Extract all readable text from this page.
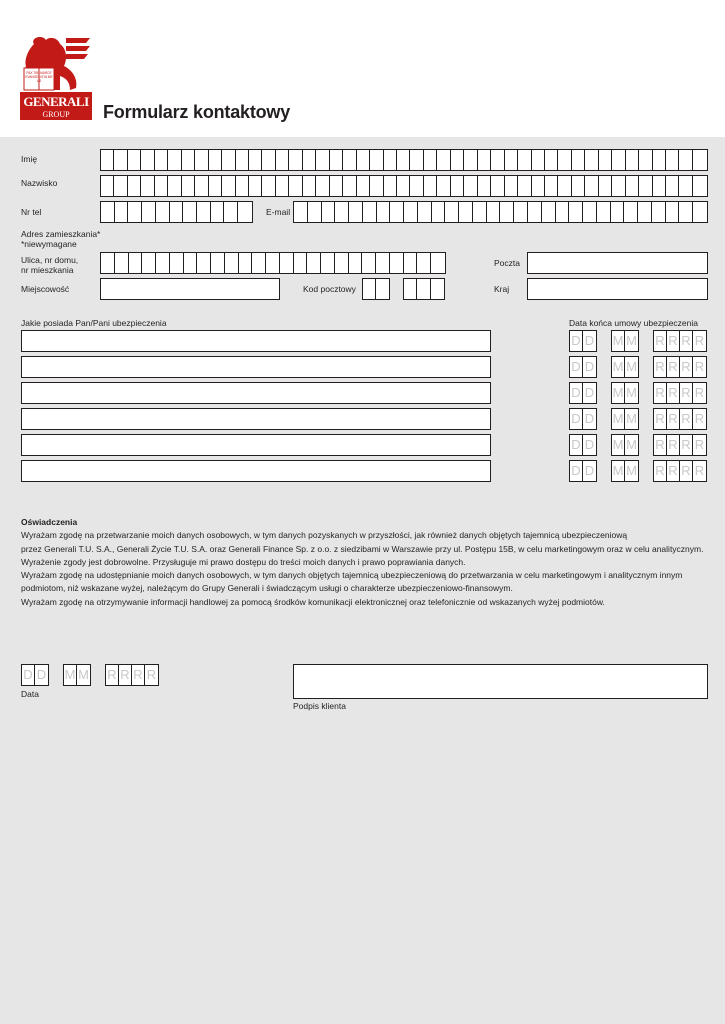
PAX TIBI MARCE EVANGELISTA MEUS
GENERALI
GROUP	Formularz kontaktowy
Imię
Nazwisko
Nr tel	E-mail
Adres zamieszkania*
*niewymagane
Ulica, nr domu,
nr mieszkania
Poczta
Miejscowość	Kod pocztowy	Kraj
Jakie posiada Pan/Pani ubezpieczenia	Data końca umowy ubezpieczenia
D D M M R R R R
D D M M R R R R
D D M M R R R R
D D M M R R R R
D D M M R R R R
D D M M R R R R
Oświadczenia
Wyrażam zgodę na przetwarzanie moich danych osobowych, w tym danych pozyskanych w przyszłości, jak również danych objętych tajemnicą ubezpieczeniową
przez Generali T.U. S.A., Generali Życie T.U. S.A. oraz Generali Finance Sp. z o.o. z siedzibami w Warszawie przy ul. Postępu 15B, w celu marketingowym oraz w celu analitycznym.
Wyrażenie zgody jest dobrowolne. Przysługuje mi prawo dostępu do treści moich danych i prawo poprawiania danych.
Wyrażam zgodę na udostępnianie moich danych osobowych, w tym danych objętych tajemnicą ubezpieczeniową do przetwarzania w celu marketingowym i analitycznym innym
podmiotom, niż wskazane wyżej, należącym do Grupy Generali i świadczącym usługi o charakterze ubezpieczeniowo-finansowym.
Wyrażam zgodę na otrzymywanie informacji handlowej za pomocą środków komunikacji elektronicznej oraz telefonicznie od wskazanych wyżej podmiotów.
D D M M R R R R
Data
Podpis klienta
